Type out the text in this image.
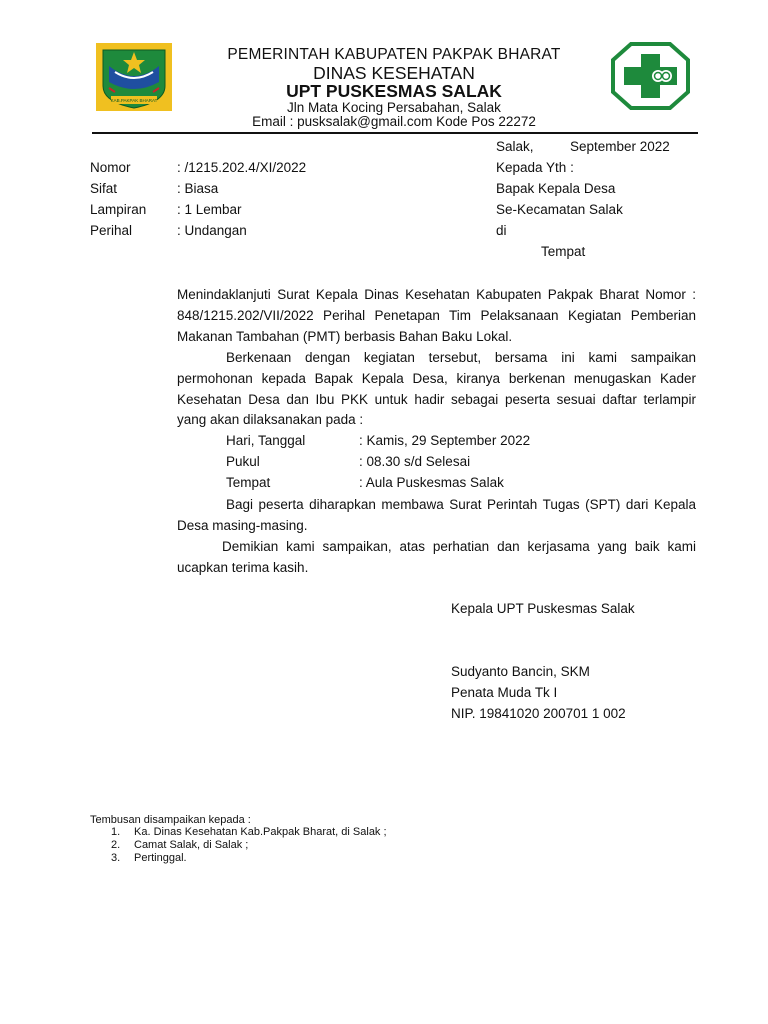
KAB.PAKPAK BHARAT
PEMERINTAH KABUPATEN PAKPAK BHARAT
DINAS KESEHATAN
UPT PUSKESMAS SALAK
Jln Mata Kocing Persabahan, Salak
Email : pusksalak@gmail.com Kode Pos 22272
Salak,	September 2022
Nomor	: /1215.202.4/XI/2022
Sifat	: Biasa
Lampiran : 1 Lembar
Perihal	: Undangan
Kepada Yth :
Bapak Kepala Desa
Se-Kecamatan Salak
di
Tempat
Menindaklanjuti Surat Kepala Dinas Kesehatan Kabupaten Pakpak Bharat Nomor : 848/1215.202/VII/2022 Perihal Penetapan Tim Pelaksanaan Kegiatan Pemberian Makanan Tambahan (PMT) berbasis Bahan Baku Lokal.
Berkenaan dengan kegiatan tersebut, bersama ini kami sampaikan permohonan kepada Bapak Kepala Desa, kiranya berkenan menugaskan Kader Kesehatan Desa dan Ibu PKK untuk hadir sebagai peserta sesuai daftar terlampir yang akan dilaksanakan pada :
Hari, Tanggal	: Kamis, 29 September 2022
Pukul	: 08.30 s/d Selesai
Tempat	: Aula Puskesmas Salak
Bagi peserta diharapkan membawa Surat Perintah Tugas (SPT) dari Kepala Desa masing-masing.
Demikian kami sampaikan, atas perhatian dan kerjasama yang baik kami ucapkan terima kasih.
Kepala UPT Puskesmas Salak
Sudyanto Bancin, SKM
Penata Muda Tk I
NIP. 19841020 200701 1 002
Tembusan disampaikan kepada :
1. Ka. Dinas Kesehatan Kab.Pakpak Bharat, di Salak ;
2. Camat Salak, di Salak ;
3. Pertinggal.
